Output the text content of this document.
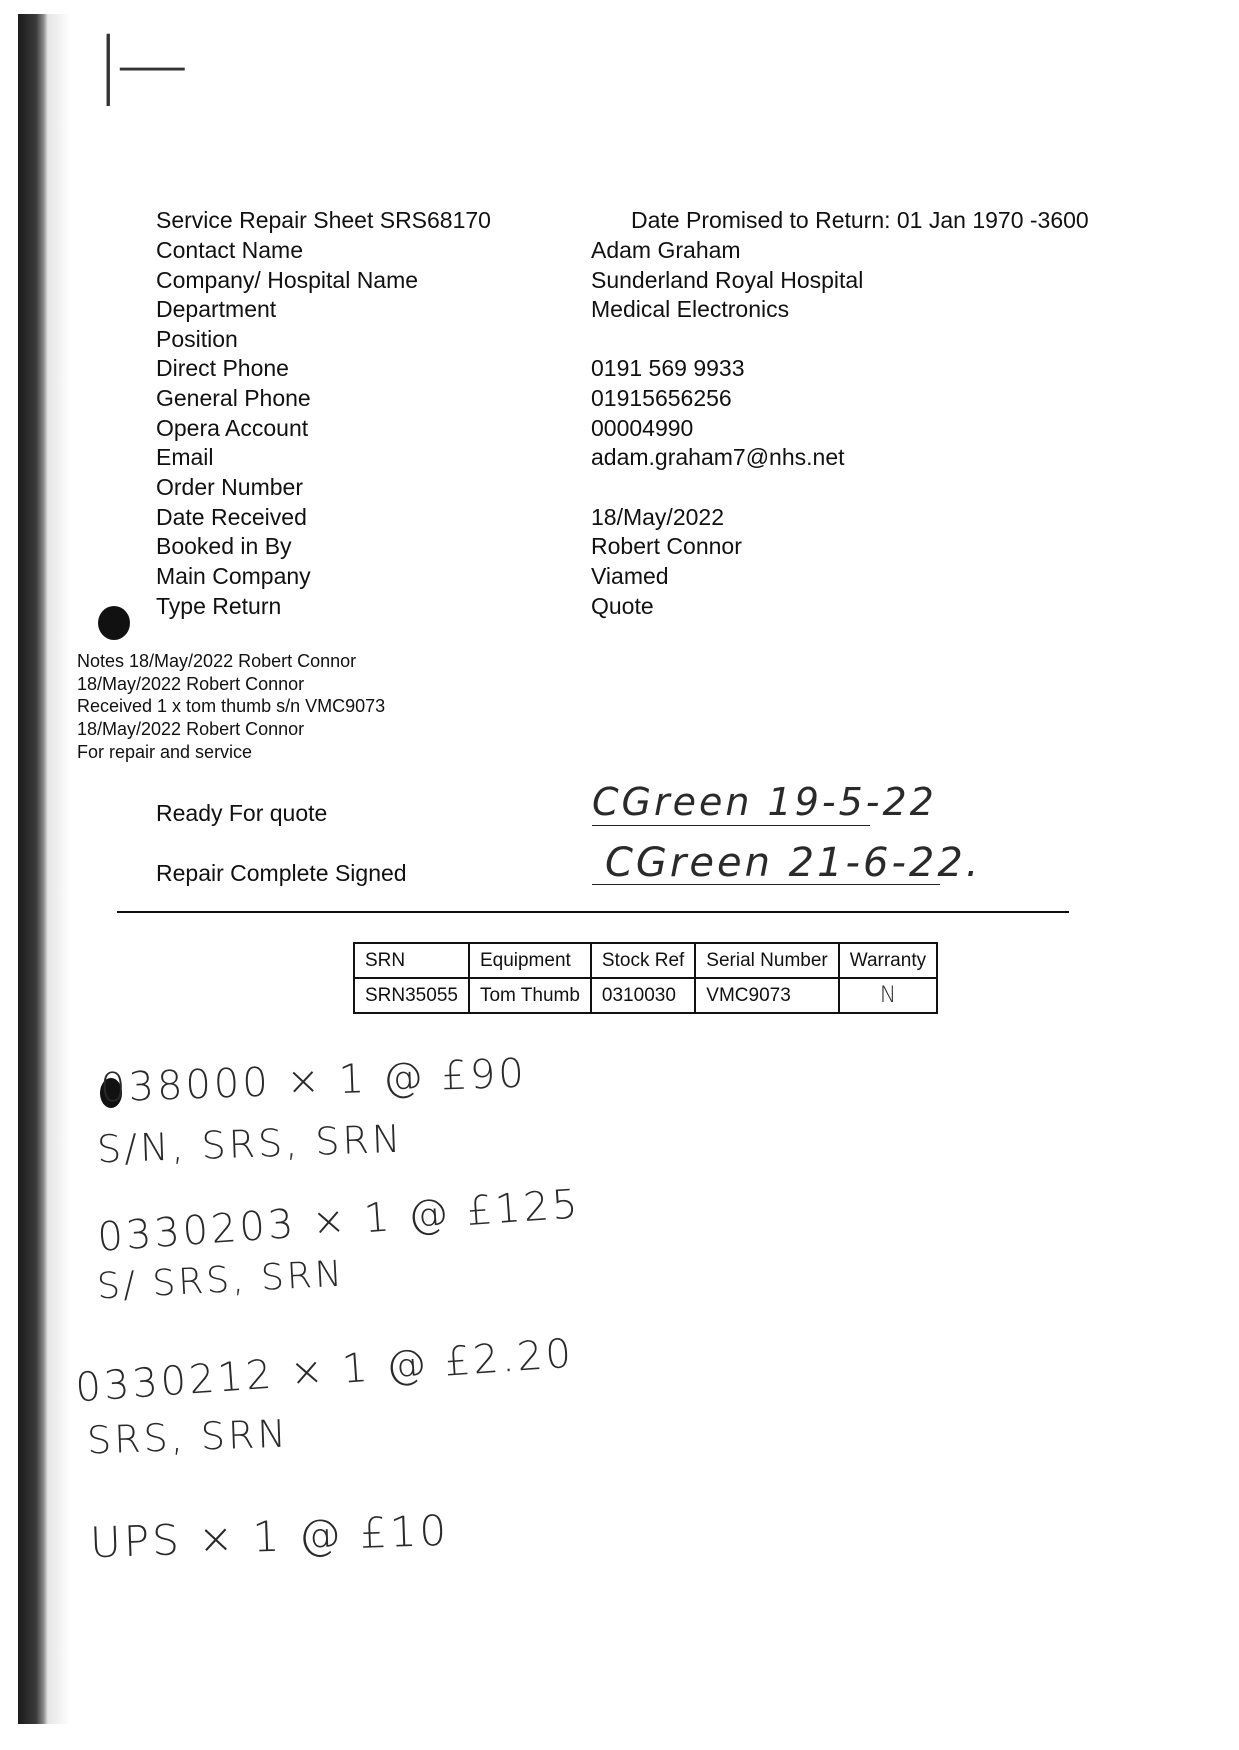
|—
Service Repair Sheet SRS68170	Date Promised to Return: 01 Jan 1970 -3600
Contact Name	Adam Graham
Company/ Hospital Name	Sunderland Royal Hospital
Department	Medical Electronics
Position
Direct Phone	0191 569 9933
General Phone	01915656256
Opera Account	00004990
Email	adam.graham7@nhs.net
Order Number
Date Received	18/May/2022
Booked in By	Robert Connor
Main Company	Viamed
Type Return	Quote
Notes 18/May/2022 Robert Connor
18/May/2022 Robert Connor
Received 1 x tom thumb s/n VMC9073
18/May/2022 Robert Connor
For repair and service
Ready For quote	CGreen 19-5-22
Repair Complete Signed	CGreen 21-6-22.
SRN	Equipment	Stock Ref	Serial Number	Warranty
SRN35055	Tom Thumb	0310030	VMC9073	N
038000 × 1 @ £90
S/N, SRS, SRN
0330203 × 1 @ £125
S/ SRS, SRN
0330212 × 1 @ £2.20
SRS, SRN
UPS × 1 @ £10
